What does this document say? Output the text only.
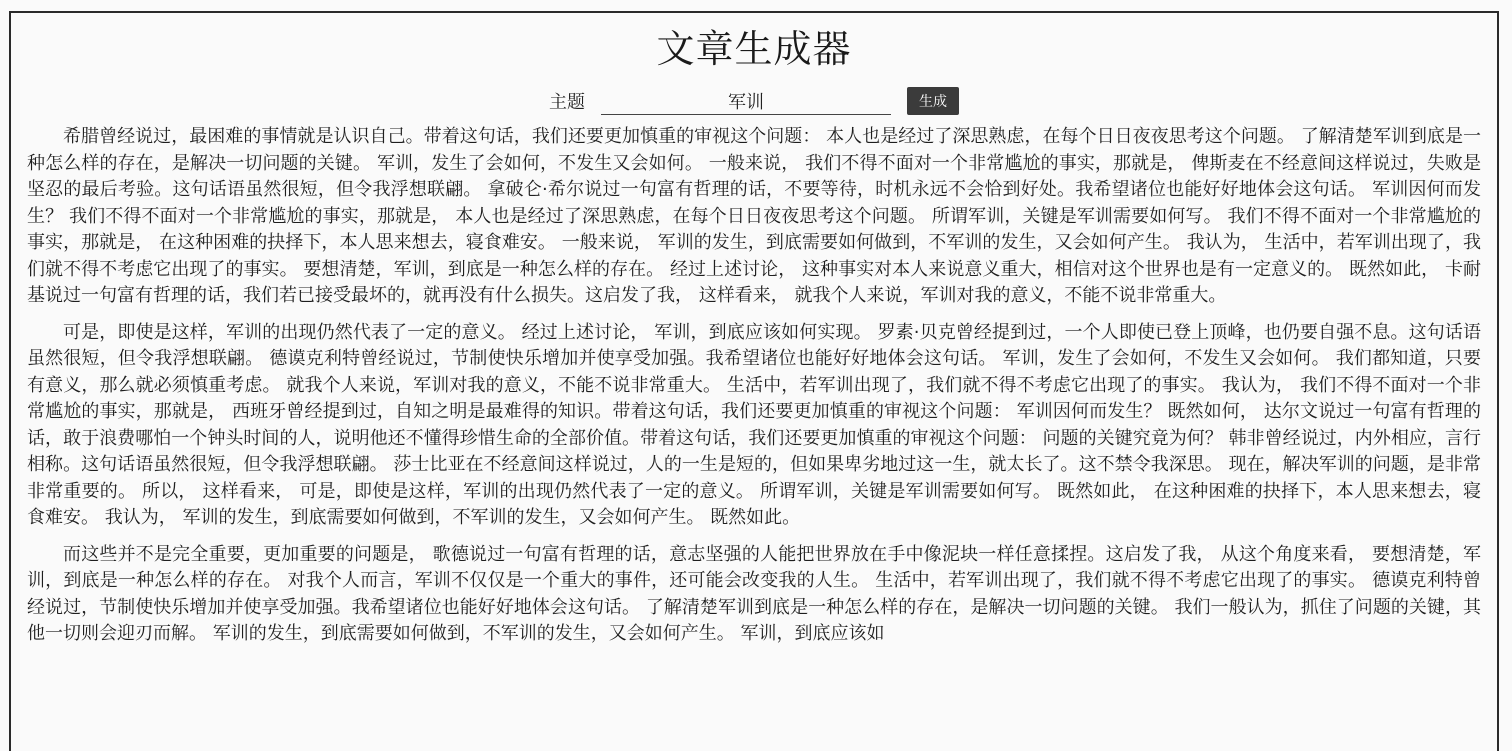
文章生成器
主题
军训	生成

希腊曾经说过，最困难的事情就是认识自己。带着这句话，我们还要更加慎重的审视这个问题： 本人也是经过了深思熟虑，在每个日日夜夜思考这个问题。 了解清楚军训到底是一种怎么样的存在，是解决一切问题的关键。 军训，发生了会如何，不发生又会如何。 一般来说， 我们不得不面对一个非常尴尬的事实，那就是， 俾斯麦在不经意间这样说过，失败是坚忍的最后考验。这句话语虽然很短，但令我浮想联翩。 拿破仑·希尔说过一句富有哲理的话，不要等待，时机永远不会恰到好处。我希望诸位也能好好地体会这句话。 军训因何而发生？ 我们不得不面对一个非常尴尬的事实，那就是， 本人也是经过了深思熟虑，在每个日日夜夜思考这个问题。 所谓军训，关键是军训需要如何写。 我们不得不面对一个非常尴尬的事实，那就是， 在这种困难的抉择下，本人思来想去，寝食难安。 一般来说， 军训的发生，到底需要如何做到，不军训的发生，又会如何产生。 我认为， 生活中，若军训出现了，我们就不得不考虑它出现了的事实。 要想清楚，军训，到底是一种怎么样的存在。 经过上述讨论， 这种事实对本人来说意义重大，相信对这个世界也是有一定意义的。 既然如此， 卡耐基说过一句富有哲理的话，我们若已接受最坏的，就再没有什么损失。这启发了我， 这样看来， 就我个人来说，军训对我的意义，不能不说非常重大。

可是，即使是这样，军训的出现仍然代表了一定的意义。 经过上述讨论， 军训，到底应该如何实现。 罗素·贝克曾经提到过，一个人即使已登上顶峰，也仍要自强不息。这句话语虽然很短，但令我浮想联翩。 德谟克利特曾经说过，节制使快乐增加并使享受加强。我希望诸位也能好好地体会这句话。 军训，发生了会如何，不发生又会如何。 我们都知道，只要有意义，那么就必须慎重考虑。 就我个人来说，军训对我的意义，不能不说非常重大。 生活中，若军训出现了，我们就不得不考虑它出现了的事实。 我认为， 我们不得不面对一个非常尴尬的事实，那就是， 西班牙曾经提到过，自知之明是最难得的知识。带着这句话，我们还要更加慎重的审视这个问题： 军训因何而发生？ 既然如何， 达尔文说过一句富有哲理的话，敢于浪费哪怕一个钟头时间的人，说明他还不懂得珍惜生命的全部价值。带着这句话，我们还要更加慎重的审视这个问题： 问题的关键究竟为何？ 韩非曾经说过，内外相应，言行相称。这句话语虽然很短，但令我浮想联翩。 莎士比亚在不经意间这样说过，人的一生是短的，但如果卑劣地过这一生，就太长了。这不禁令我深思。 现在，解决军训的问题，是非常非常重要的。 所以， 这样看来， 可是，即使是这样，军训的出现仍然代表了一定的意义。 所谓军训，关键是军训需要如何写。 既然如此， 在这种困难的抉择下，本人思来想去，寝食难安。 我认为， 军训的发生，到底需要如何做到，不军训的发生，又会如何产生。 既然如此。

而这些并不是完全重要，更加重要的问题是， 歌德说过一句富有哲理的话，意志坚强的人能把世界放在手中像泥块一样任意揉捏。这启发了我， 从这个角度来看， 要想清楚，军训，到底是一种怎么样的存在。 对我个人而言，军训不仅仅是一个重大的事件，还可能会改变我的人生。 生活中，若军训出现了，我们就不得不考虑它出现了的事实。 德谟克利特曾经说过，节制使快乐增加并使享受加强。我希望诸位也能好好地体会这句话。 了解清楚军训到底是一种怎么样的存在，是解决一切问题的关键。 我们一般认为，抓住了问题的关键，其他一切则会迎刃而解。 军训的发生，到底需要如何做到，不军训的发生，又会如何产生。 军训，到底应该如
